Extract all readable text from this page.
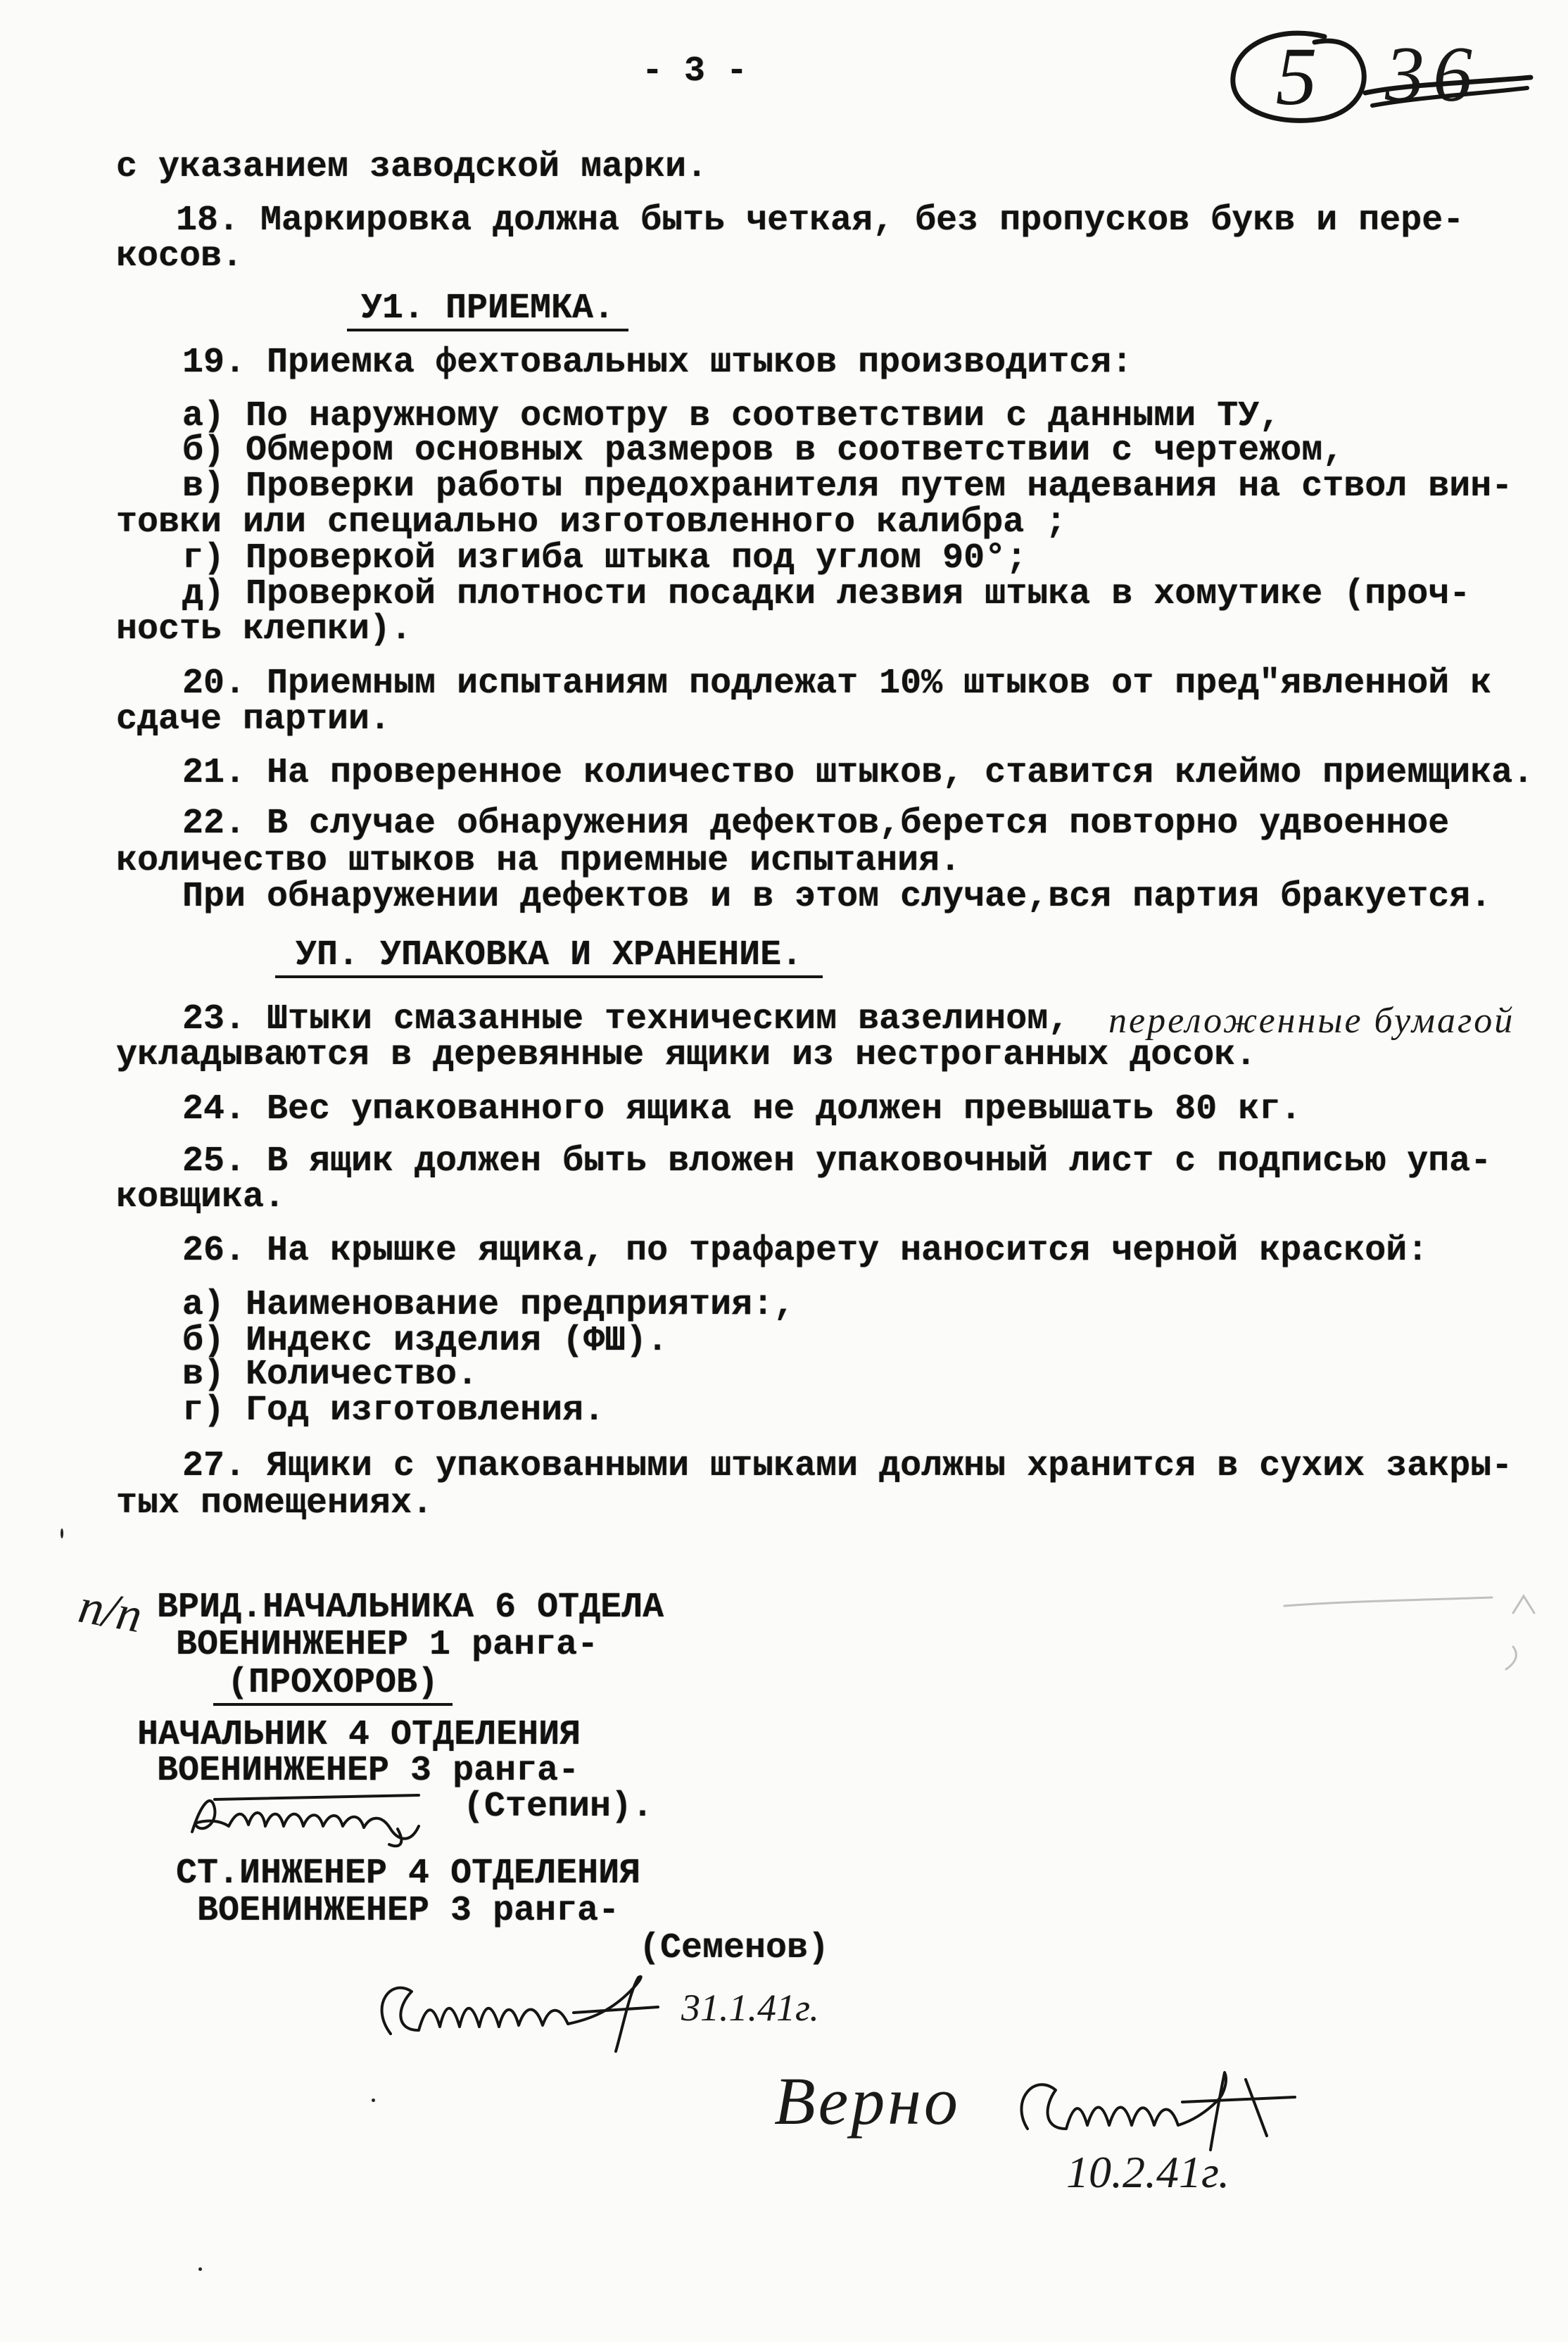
- 3 -	5 36
с указанием заводской марки.
18. Маркировка должна быть четкая, без пропусков букв и пере-
косов.
У1. ПРИЕМКА.
19. Приемка фехтовальных штыков производится:
а) По наружному осмотру в соответствии с данными ТУ,
б) Обмером основных размеров в соответствии с чертежом,
в) Проверки работы предохранителя путем надевания на ствол вин-
товки или специально изготовленного калибра ;
г) Проверкой изгиба штыка под углом 90°;
д) Проверкой плотности посадки лезвия штыка в хомутике (проч-
ность клепки).
20. Приемным испытаниям подлежат 10% штыков от пред"явленной к
сдаче партии.
21. На проверенное количество штыков, ставится клеймо приемщика.
22. В случае обнаружения дефектов,берется повторно удвоенное
количество штыков на приемные испытания.
При обнаружении дефектов и в этом случае,вся партия бракуется.
УП. УПАКОВКА И ХРАНЕНИЕ.
23. Штыки смазанные техническим вазелином, переложенные бумагой
укладываются в деревянные ящики из нестроганных досок.
24. Вес упакованного ящика не должен превышать 80 кг.
25. В ящик должен быть вложен упаковочный лист с подписью упа-
ковщика.
26. На крышке ящика, по трафарету наносится черной краской:
а) Наименование предприятия:,
б) Индекс изделия (ФШ).
в) Количество.
г) Год изготовления.
27. Ящики с упакованными штыками должны хранится в сухих закры-
тых помещениях.
п/п ВРИД.НАЧАЛЬНИКА 6 ОТДЕЛА
ВОЕНИНЖЕНЕР 1 ранга-
(ПРОХОРОВ)
НАЧАЛЬНИК 4 ОТДЕЛЕНИЯ
ВОЕНИНЖЕНЕР 3 ранга-
(Степин).
СТ.ИНЖЕНЕР 4 ОТДЕЛЕНИЯ
ВОЕНИНЖЕНЕР 3 ранга-
(Семенов)
31.1.41г.
Верно
10.2.41г.
